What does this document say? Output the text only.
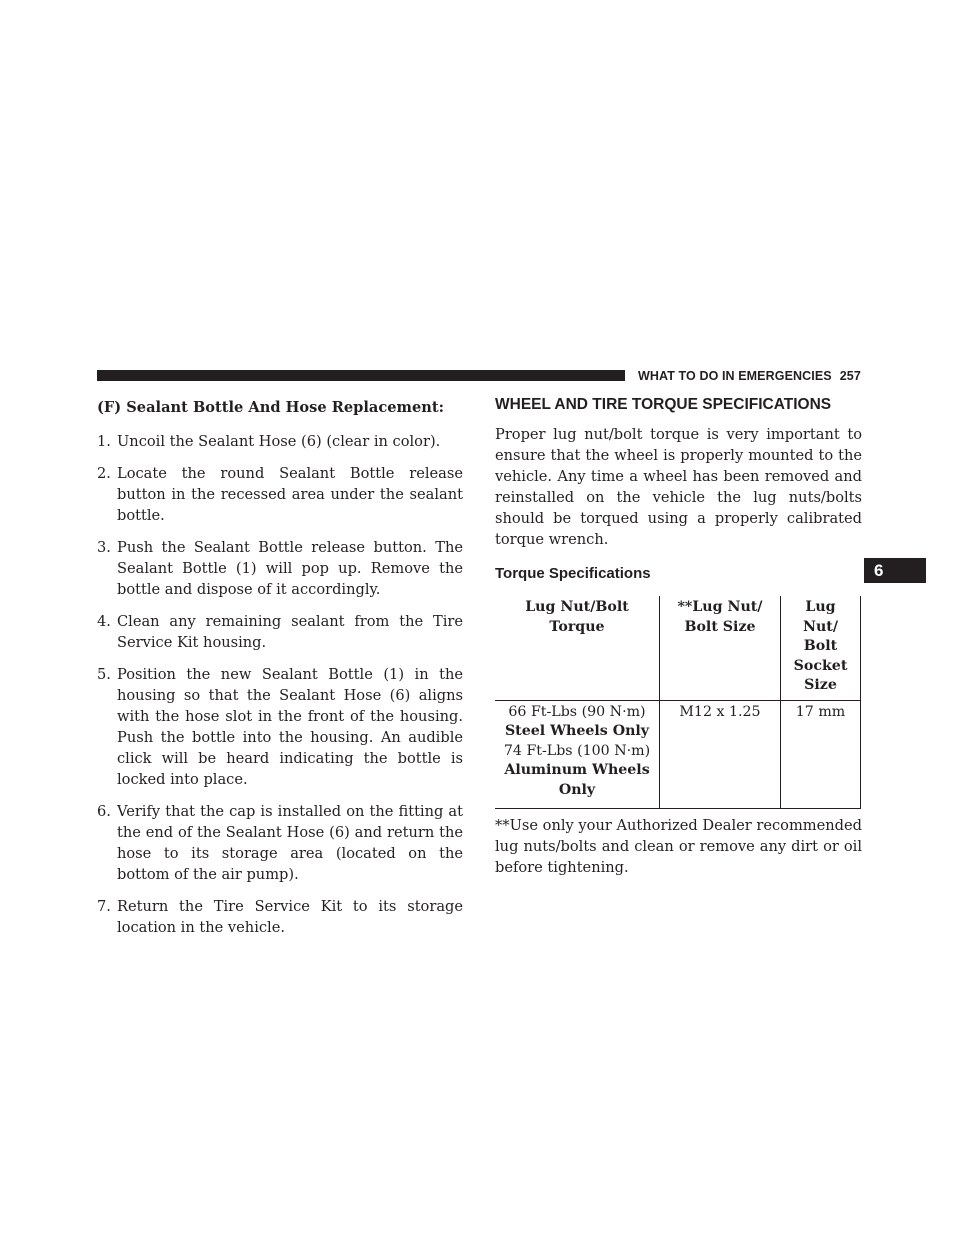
WHAT TO DO IN EMERGENCIES 257
6
(F) Sealant Bottle And Hose Replacement:
1. Uncoil the Sealant Hose (6) (clear in color).
2. Locate the round Sealant Bottle release button in the recessed area under the sealant bottle.
3. Push the Sealant Bottle release button. The Sealant Bottle (1) will pop up. Remove the bottle and dispose of it accordingly.
4. Clean any remaining sealant from the Tire Service Kit housing.
5. Position the new Sealant Bottle (1) in the housing so that the Sealant Hose (6) aligns with the hose slot in the front of the housing. Push the bottle into the housing. An audible click will be heard indicating the bottle is locked into place.
6. Verify that the cap is installed on the fitting at the end of the Sealant Hose (6) and return the hose to its storage area (located on the bottom of the air pump).
7. Return the Tire Service Kit to its storage location in the vehicle.
WHEEL AND TIRE TORQUE SPECIFICATIONS

Proper lug nut/bolt torque is very important to ensure that the wheel is properly mounted to the vehicle. Any time a wheel has been removed and reinstalled on the vehicle the lug nuts/bolts should be torqued using a properly calibrated torque wrench.

Torque Specifications
Lug Nut/Bolt Torque	**Lug Nut/ Bolt Size	Lug Nut/ Bolt Socket Size

66 Ft-Lbs (90 N·m)
Steel Wheels Only
74 Ft-Lbs (100 N·m)
Aluminum Wheels Only	M12 x 1.25	17 mm

**Use only your Authorized Dealer recommended lug nuts/bolts and clean or remove any dirt or oil before tightening.
